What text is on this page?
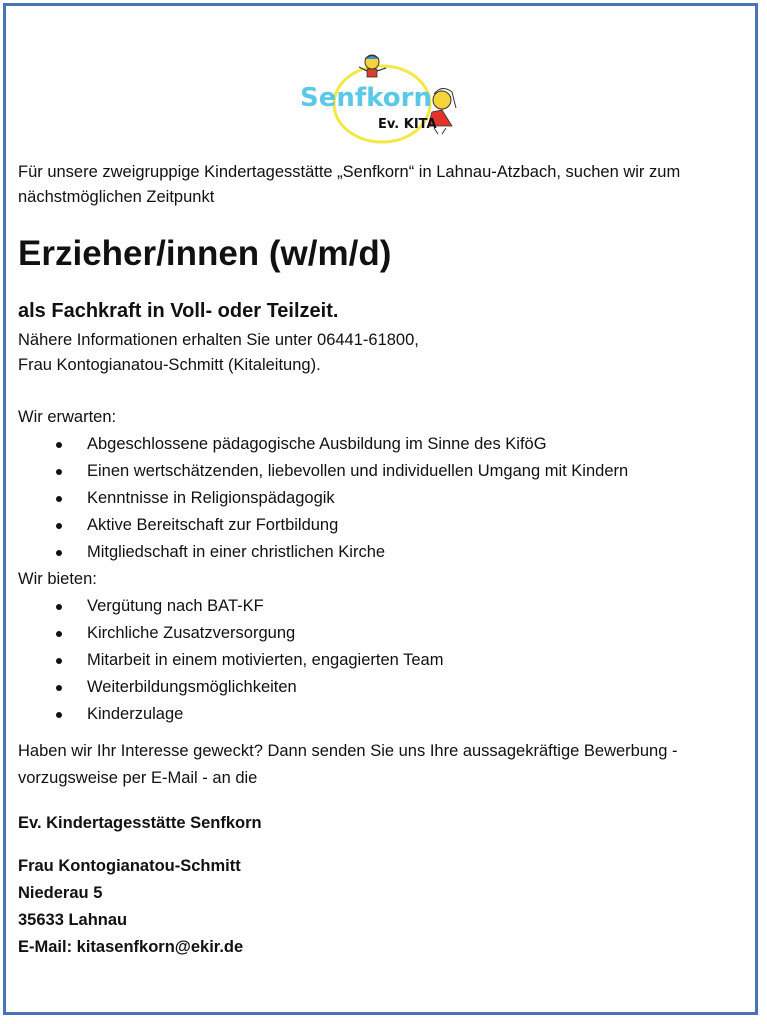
Senfkorn
Ev. KITA

Für unsere zweigruppige Kindertagesstätte „Senfkorn“ in Lahnau-Atzbach, suchen wir zum nächstmöglichen Zeitpunkt

Erzieher/innen (w/m/d)
als Fachkraft in Voll- oder Teilzeit.
Nähere Informationen erhalten Sie unter 06441-61800,
Frau Kontogianatou-Schmitt (Kitaleitung).

Wir erwarten:

Abgeschlossene pädagogische Ausbildung im Sinne des KiföG
Einen wertschätzenden, liebevollen und individuellen Umgang mit Kindern
Kenntnisse in Religionspädagogik
Aktive Bereitschaft zur Fortbildung
Mitgliedschaft in einer christlichen Kirche

Wir bieten:

Vergütung nach BAT-KF
Kirchliche Zusatzversorgung
Mitarbeit in einem motivierten, engagierten Team
Weiterbildungsmöglichkeiten
Kinderzulage

Haben wir Ihr Interesse geweckt? Dann senden Sie uns Ihre aussagekräftige Bewerbung - vorzugsweise per E-Mail - an die

Ev. Kindertagesstätte Senfkorn

Frau Kontogianatou-Schmitt
Niederau 5
35633 Lahnau
E-Mail: kitasenfkorn@ekir.de
